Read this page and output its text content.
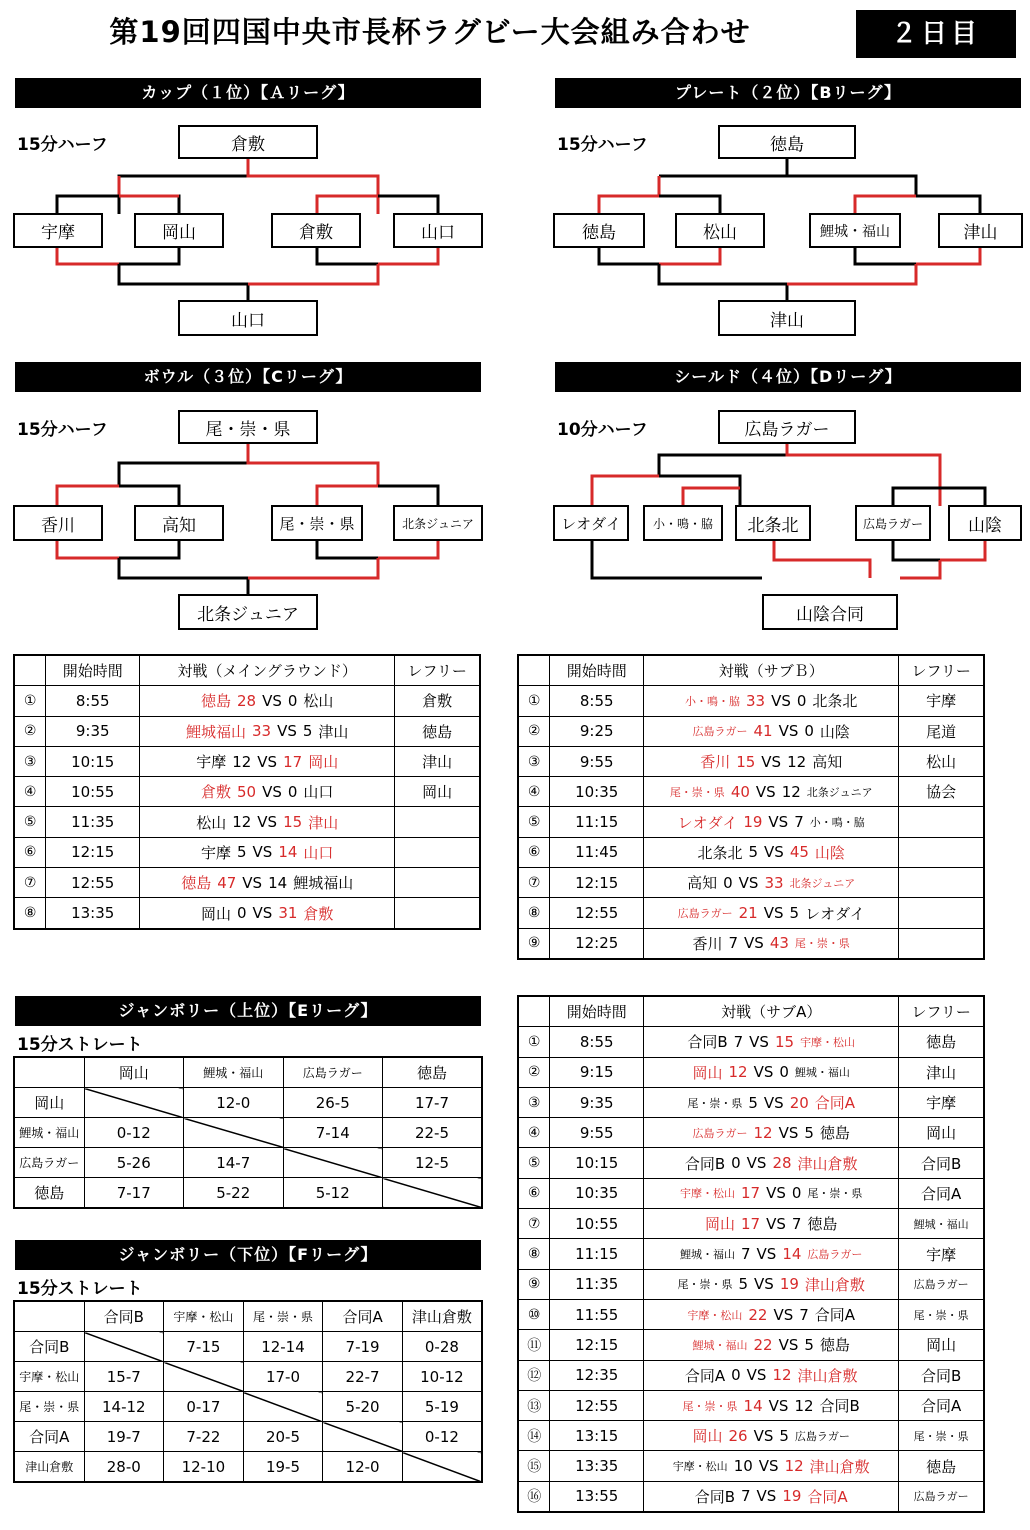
第19回四国中央市長杯ラグビー大会組み合わせ	２日目
カップ（１位）【Ａリーグ】
15分ハーフ	倉敷
宇摩	岡山	倉敷	山口
山口
プレート（２位）【Bリーグ】
15分ハーフ	徳島
徳島	松山	鯉城・福山	津山
津山
ボウル（３位）【Cリーグ】
15分ハーフ	尾・崇・県
香川	高知	尾・崇・県	北条ジュニア
北条ジュニア
シールド（４位）【Dリーグ】
10分ハーフ	広島ラガー
レオダイ	小・鳴・脇	北条北	広島ラガー	山陰
山陰合同
	開始時間	対戦（メイングラウンド）	レフリー
①	8:55	徳島 28 VS 0 松山	倉敷
②	9:35	鯉城福山 33 VS 5 津山	徳島
③	10:15	宇摩 12 VS 17 岡山	津山
④	10:55	倉敷 50 VS 0 山口	岡山
⑤	11:35	松山 12 VS 15 津山	

⑥	12:15	宇摩 5 VS 14 山口	

⑦	12:55	徳島 47 VS 14 鯉城福山	

⑧	13:35	岡山 0 VS 31 倉敷	

	開始時間	対戦（サブＢ）	レフリー
①	8:55	小・鳴・脇 33 VS 0 北条北	宇摩
②	9:25	広島ラガー 41 VS 0 山陰	尾道
③	9:55	香川 15 VS 12 高知	松山
④	10:35	尾・崇・県 40 VS 12 北条ジュニア	協会
⑤	11:15	レオダイ 19 VS 7 小・鳴・脇	

⑥	11:45	北条北 5 VS 45 山陰	

⑦	12:15	高知 0 VS 33 北条ジュニア	

⑧	12:55	広島ラガー 21 VS 5 レオダイ	

⑨	12:25	香川 7 VS 43 尾・崇・県	

	開始時間	対戦（サブA）	レフリー
①	8:55	合同B 7 VS 15 宇摩・松山	徳島
②	9:15	岡山 12 VS 0 鯉城・福山	津山
③	9:35	尾・崇・県 5 VS 20 合同A	宇摩
④	9:55	広島ラガー 12 VS 5 徳島	岡山
⑤	10:15	合同B 0 VS 28 津山倉敷	合同B
⑥	10:35	宇摩・松山 17 VS 0 尾・崇・県	合同A
⑦	10:55	岡山 17 VS 7 徳島	鯉城・福山
⑧	11:15	鯉城・福山 7 VS 14 広島ラガー	宇摩
⑨	11:35	尾・崇・県 5 VS 19 津山倉敷	広島ラガー
⑩	11:55	宇摩・松山 22 VS 7 合同A	尾・崇・県
⑪	12:15	鯉城・福山 22 VS 5 徳島	岡山
⑫	12:35	合同A 0 VS 12 津山倉敷	合同B
⑬	12:55	尾・崇・県 14 VS 12 合同B	合同A
⑭	13:15	岡山 26 VS 5 広島ラガー	尾・崇・県
⑮	13:35	宇摩・松山 10 VS 12 津山倉敷	徳島
⑯	13:55	合同B 7 VS 19 合同A	広島ラガー
ジャンボリー（上位）【Eリーグ】
15分ストレート
	岡山	鯉城・福山	広島ラガー	徳島
岡山		12-0	26-5	17-7
鯉城・福山	0-12		7-14	22-5
広島ラガー	5-26	14-7		12-5
徳島	7-17	5-22	5-12	
ジャンボリー（下位）【Fリーグ】
15分ストレート
	合同B	宇摩・松山	尾・崇・県	合同A	津山倉敷
合同B		7-15	12-14	7-19	0-28
宇摩・松山	15-7		17-0	22-7	10-12
尾・崇・県	14-12	0-17		5-20	5-19
合同A	19-7	7-22	20-5		0-12
津山倉敷	28-0	12-10	19-5	12-0	
